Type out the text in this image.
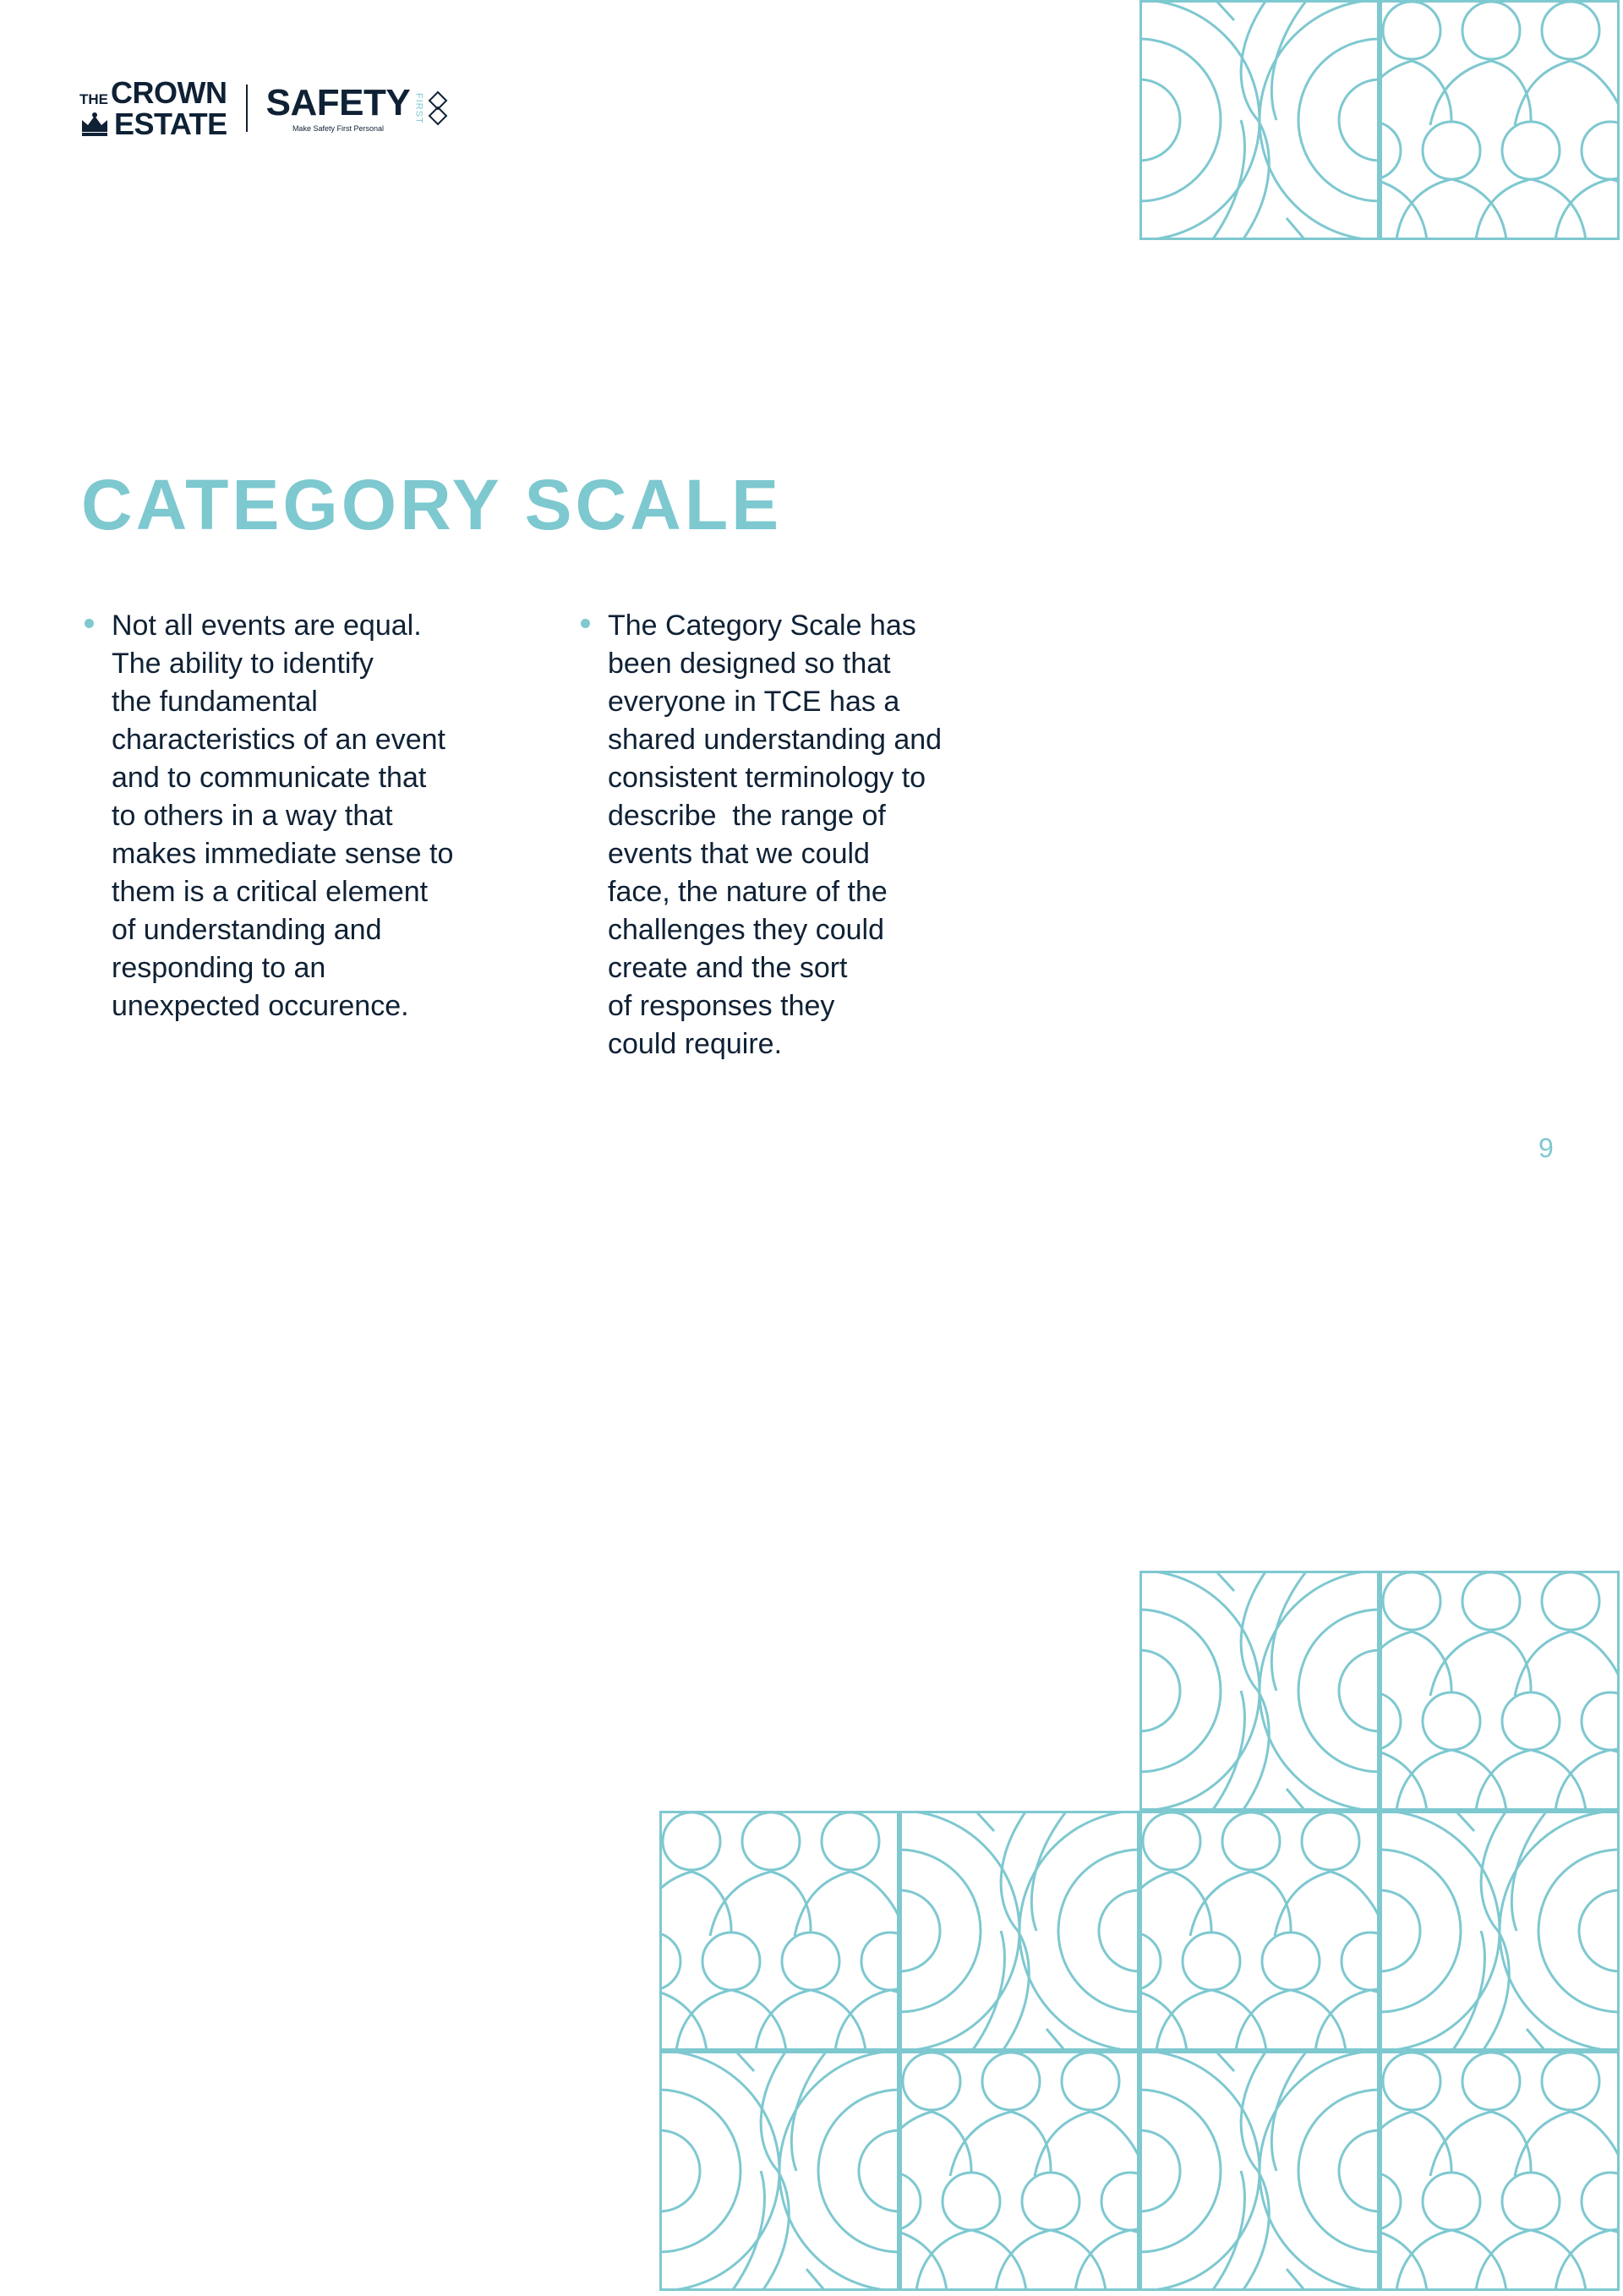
THE CROWN
ESTATE
SAFETY
Make Safety First Personal
FIRST
CATEGORY SCALE
Not all events are equal.
The ability to identify
the fundamental
characteristics of an event
and to communicate that
to others in a way that
makes immediate sense to
them is a critical element
of understanding and
responding to an
unexpected occurence.
The Category Scale has
been designed so that
everyone in TCE has a
shared understanding and
consistent terminology to
describe  the range of
events that we could
face, the nature of the
challenges they could
create and the sort
of responses they
could require.
9
